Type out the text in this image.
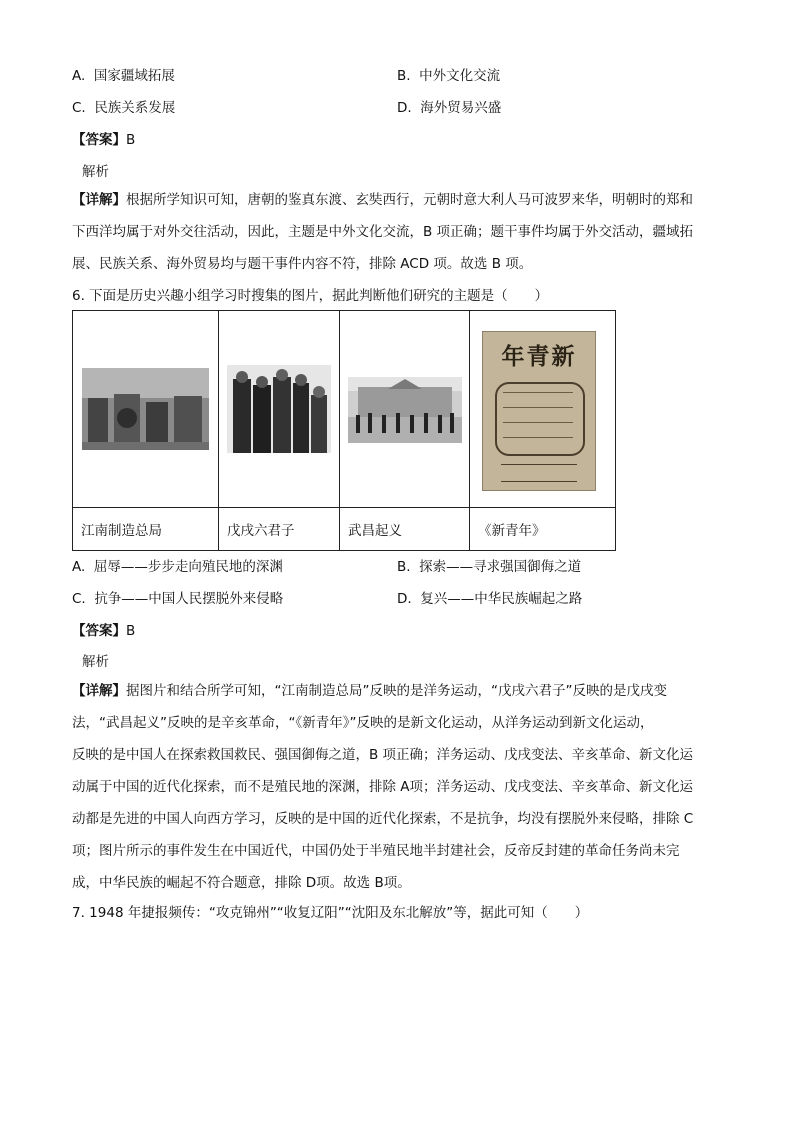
A. 国家疆域拓展	B. 中外文化交流
C. 民族关系发展	D. 海外贸易兴盛
【答案】B
解析
【详解】根据所学知识可知，唐朝的鉴真东渡、玄奘西行，元朝时意大利人马可波罗来华，明朝时的郑和
下西洋均属于对外交往活动，因此，主题是中外文化交流，B 项正确；题干事件均属于外交活动，疆域拓
展、民族关系、海外贸易均与题干事件内容不符，排除 ACD 项。故选 B 项。
6. 下面是历史兴趣小组学习时搜集的图片，据此判断他们研究的主题是（　　）

年青新

江南制造总局	戊戌六君子	武昌起义	《新青年》
A. 屈辱——步步走向殖民地的深渊	B. 探索——寻求强国御侮之道
C. 抗争——中国人民摆脱外来侵略	D. 复兴——中华民族崛起之路
【答案】B
解析
【详解】据图片和结合所学可知，“江南制造总局”反映的是洋务运动，“戊戌六君子”反映的是戊戌变
法，“武昌起义”反映的是辛亥革命，“《新青年》”反映的是新文化运动，从洋务运动到新文化运动，
反映的是中国人在探索救国救民、强国御侮之道，B 项正确；洋务运动、戊戌变法、辛亥革命、新文化运
动属于中国的近代化探索，而不是殖民地的深渊，排除 A项；洋务运动、戊戌变法、辛亥革命、新文化运
动都是先进的中国人向西方学习，反映的是中国的近代化探索，不是抗争，均没有摆脱外来侵略，排除 C
项；图片所示的事件发生在中国近代，中国仍处于半殖民地半封建社会，反帝反封建的革命任务尚未完
成，中华民族的崛起不符合题意，排除 D项。故选 B项。
7. 1948 年捷报频传：“攻克锦州”“收复辽阳”“沈阳及东北解放”等，据此可知（　　）
